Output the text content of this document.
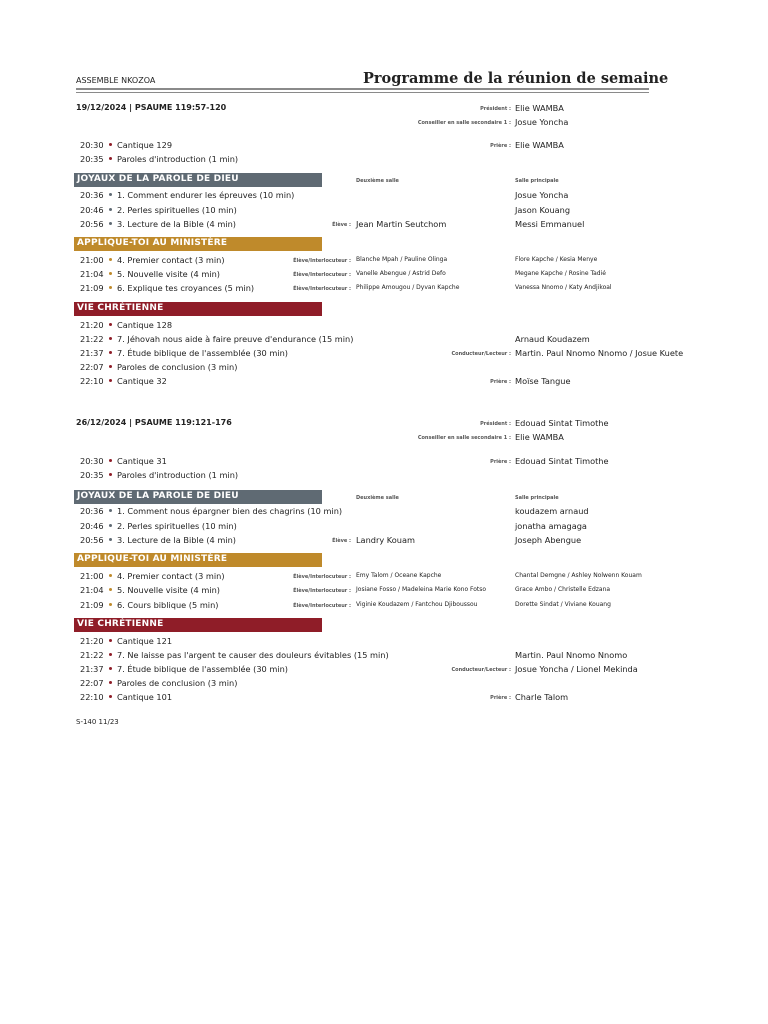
ASSEMBLE NKOZOA	Programme de la réunion de semaine
19/12/2024 | PSAUME 119:57-120	Président : Elie WAMBA
Conseiller en salle secondaire 1 : Josue Yoncha
20:30 Cantique 129	Prière : Elie WAMBA
20:35 Paroles d'introduction (1 min)
JOYAUX DE LA PAROLE DE DIEU	Deuxième salle	Salle principale
20:36 1. Comment endurer les épreuves (10 min)	Josue Yoncha
20:46 2. Perles spirituelles (10 min)	Jason Kouang
20:56 3. Lecture de la Bible (4 min)	Élève : Jean Martin Seutchom	Messi Emmanuel
APPLIQUE-TOI AU MINISTÈRE
21:00 4. Premier contact (3 min)	Élève/Interlocuteur : Blanche Mpah / Pauline Olinga	Flore Kapche / Kesia Menye
21:04 5. Nouvelle visite (4 min)	Élève/Interlocuteur : Vanelle Abengue / Astrid Defo	Megane Kapche / Rosine Tadié
21:09 6. Explique tes croyances (5 min)	Élève/Interlocuteur : Philippe Amougou / Dyvan Kapche	Vanessa Nnomo / Katy Andjikoal
VIE CHRÉTIENNE
21:20 Cantique 128
21:22 7. Jéhovah nous aide à faire preuve d'endurance (15 min)	Arnaud Koudazem
21:37 7. Étude biblique de l'assemblée (30 min)	Conducteur/Lecteur : Martin. Paul Nnomo Nnomo / Josue Kuete
22:07 Paroles de conclusion (3 min)
22:10 Cantique 32	Prière : Moïse Tangue
26/12/2024 | PSAUME 119:121-176	Président : Edouad Sintat Timothe
Conseiller en salle secondaire 1 : Elie WAMBA
20:30 Cantique 31	Prière : Edouad Sintat Timothe
20:35 Paroles d'introduction (1 min)
JOYAUX DE LA PAROLE DE DIEU	Deuxième salle	Salle principale
20:36 1. Comment nous épargner bien des chagrins (10 min)	koudazem arnaud
20:46 2. Perles spirituelles (10 min)	jonatha amagaga
20:56 3. Lecture de la Bible (4 min)	Élève : Landry Kouam	Joseph Abengue
APPLIQUE-TOI AU MINISTÈRE
21:00 4. Premier contact (3 min)	Élève/Interlocuteur : Emy Talom / Oceane Kapche	Chantal Demgne / Ashley Nolwenn Kouam
21:04 5. Nouvelle visite (4 min)	Élève/Interlocuteur : Josiane Fosso / Madeleina Marie Kono Fotso	Grace Ambo / Christelle Edzana
21:09 6. Cours biblique (5 min)	Élève/Interlocuteur : Viginie Koudazem / Fantchou Djiboussou	Dorette Sindat / Viviane Kouang
VIE CHRÉTIENNE
21:20 Cantique 121
21:22 7. Ne laisse pas l'argent te causer des douleurs évitables (15 min)	Martin. Paul Nnomo Nnomo
21:37 7. Étude biblique de l'assemblée (30 min)	Conducteur/Lecteur : Josue Yoncha / Lionel Mekinda
22:07 Paroles de conclusion (3 min)
22:10 Cantique 101	Prière : Charle Talom
S-140 11/23
